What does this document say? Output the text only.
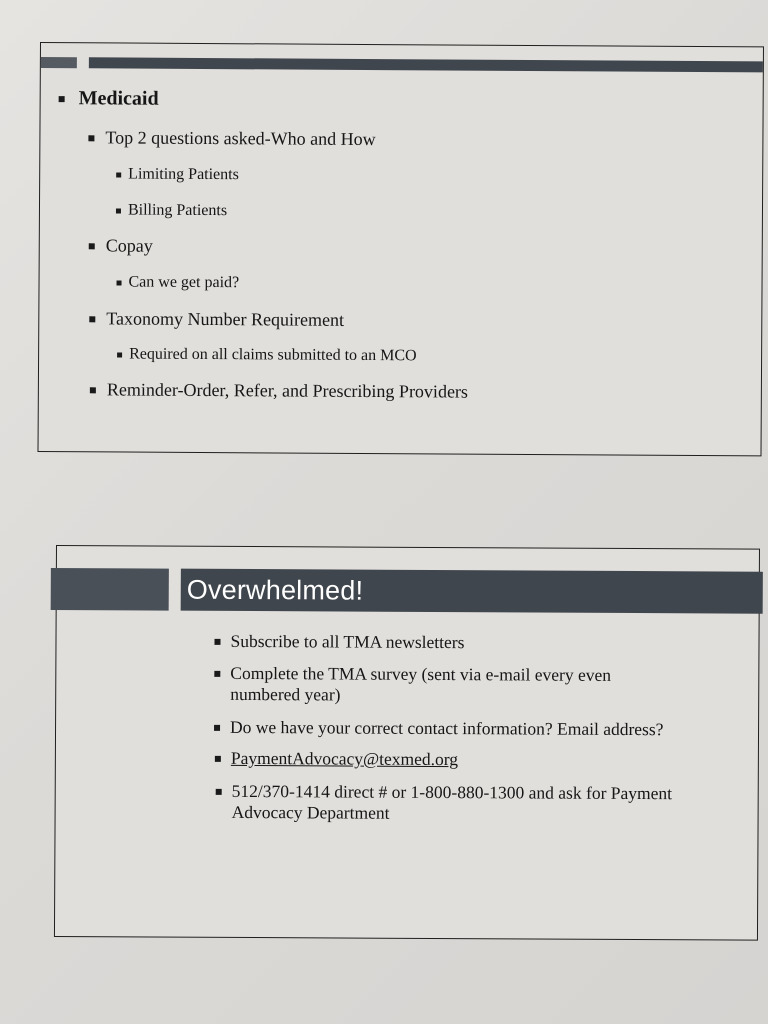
Medicaid
Top 2 questions asked-Who and How
Limiting Patients
Billing Patients
Copay
Can we get paid?
Taxonomy Number Requirement
Required on all claims submitted to an MCO
Reminder-Order, Refer, and Prescribing Providers
Overwhelmed!
Subscribe to all TMA newsletters
Complete the TMA survey (sent via e-mail every even
numbered year)
Do we have your correct contact information? Email address?
PaymentAdvocacy@texmed.org
512/370-1414 direct # or 1-800-880-1300 and ask for Payment
Advocacy Department
